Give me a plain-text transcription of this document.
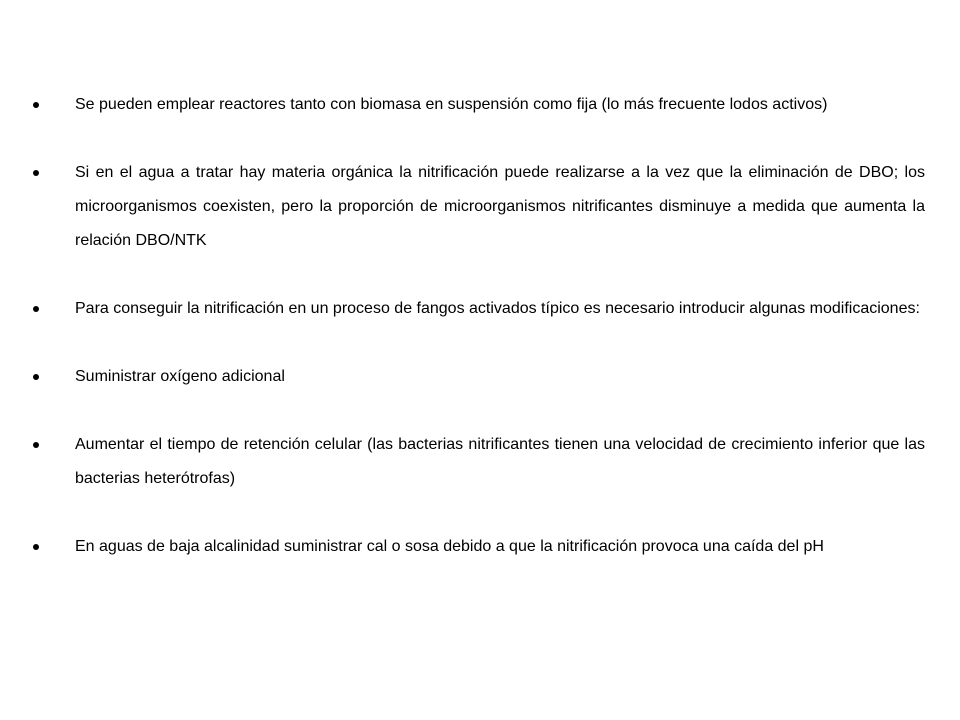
Se pueden emplear reactores tanto con biomasa en suspensión como fija (lo más frecuente lodos activos)
Si en el agua a tratar hay materia orgánica la nitrificación puede realizarse a la vez que la eliminación de DBO; los microorganismos coexisten, pero la proporción de microorganismos nitrificantes disminuye a medida que aumenta la relación DBO/NTK
Para conseguir la nitrificación en un proceso de fangos activados típico es necesario introducir algunas modificaciones:
Suministrar oxígeno adicional
Aumentar el tiempo de retención celular (las bacterias nitrificantes tienen una velocidad de crecimiento inferior que las bacterias heterótrofas)
En aguas de baja alcalinidad suministrar cal o sosa debido a que la nitrificación provoca una caída del pH
